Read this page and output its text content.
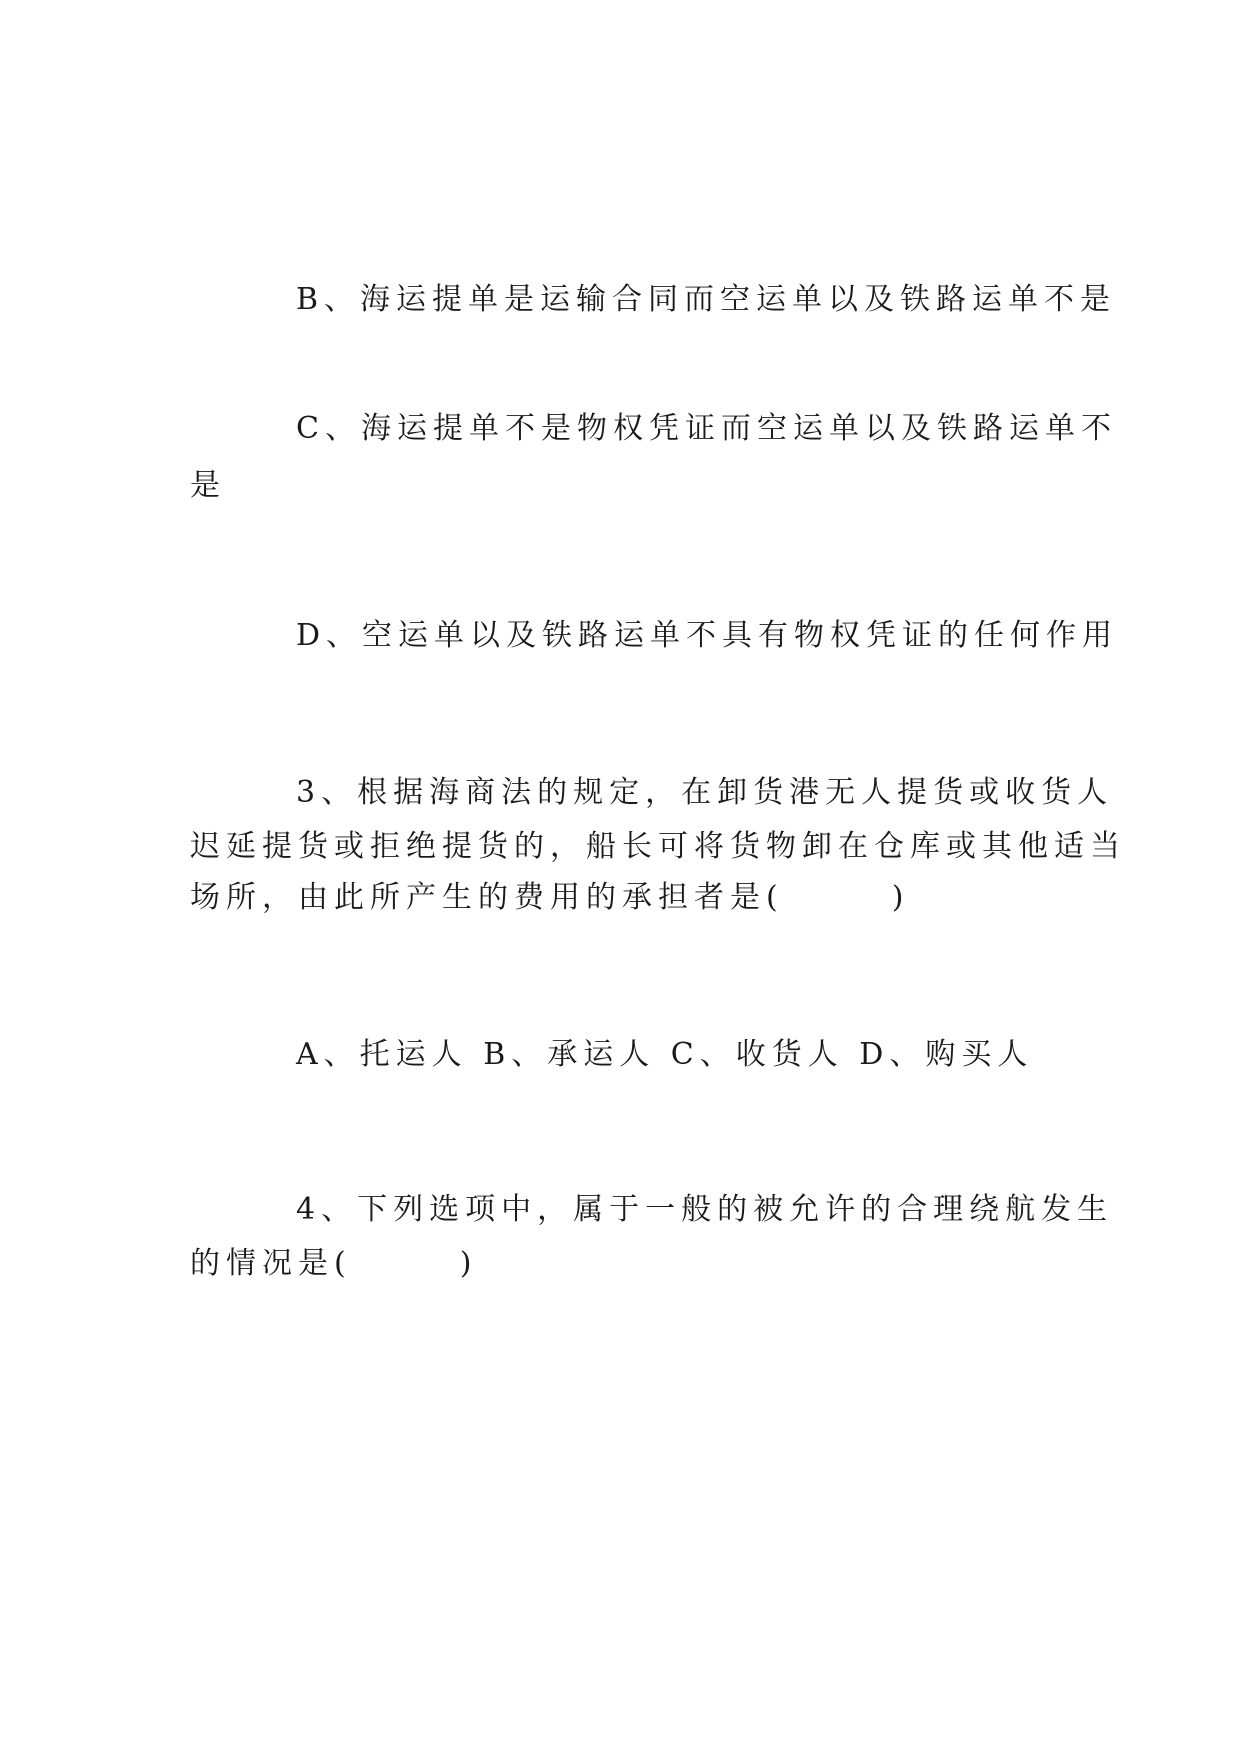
B、海运提单是运输合同而空运单以及铁路运单不是
C、海运提单不是物权凭证而空运单以及铁路运单不
是
D、空运单以及铁路运单不具有物权凭证的任何作用
3、根据海商法的规定，在卸货港无人提货或收货人
迟延提货或拒绝提货的，船长可将货物卸在仓库或其他适当
场所，由此所产生的费用的承担者是(　　　)
A、托运人 B、承运人 C、收货人 D、购买人
4、下列选项中，属于一般的被允许的合理绕航发生
的情况是(　　　)
